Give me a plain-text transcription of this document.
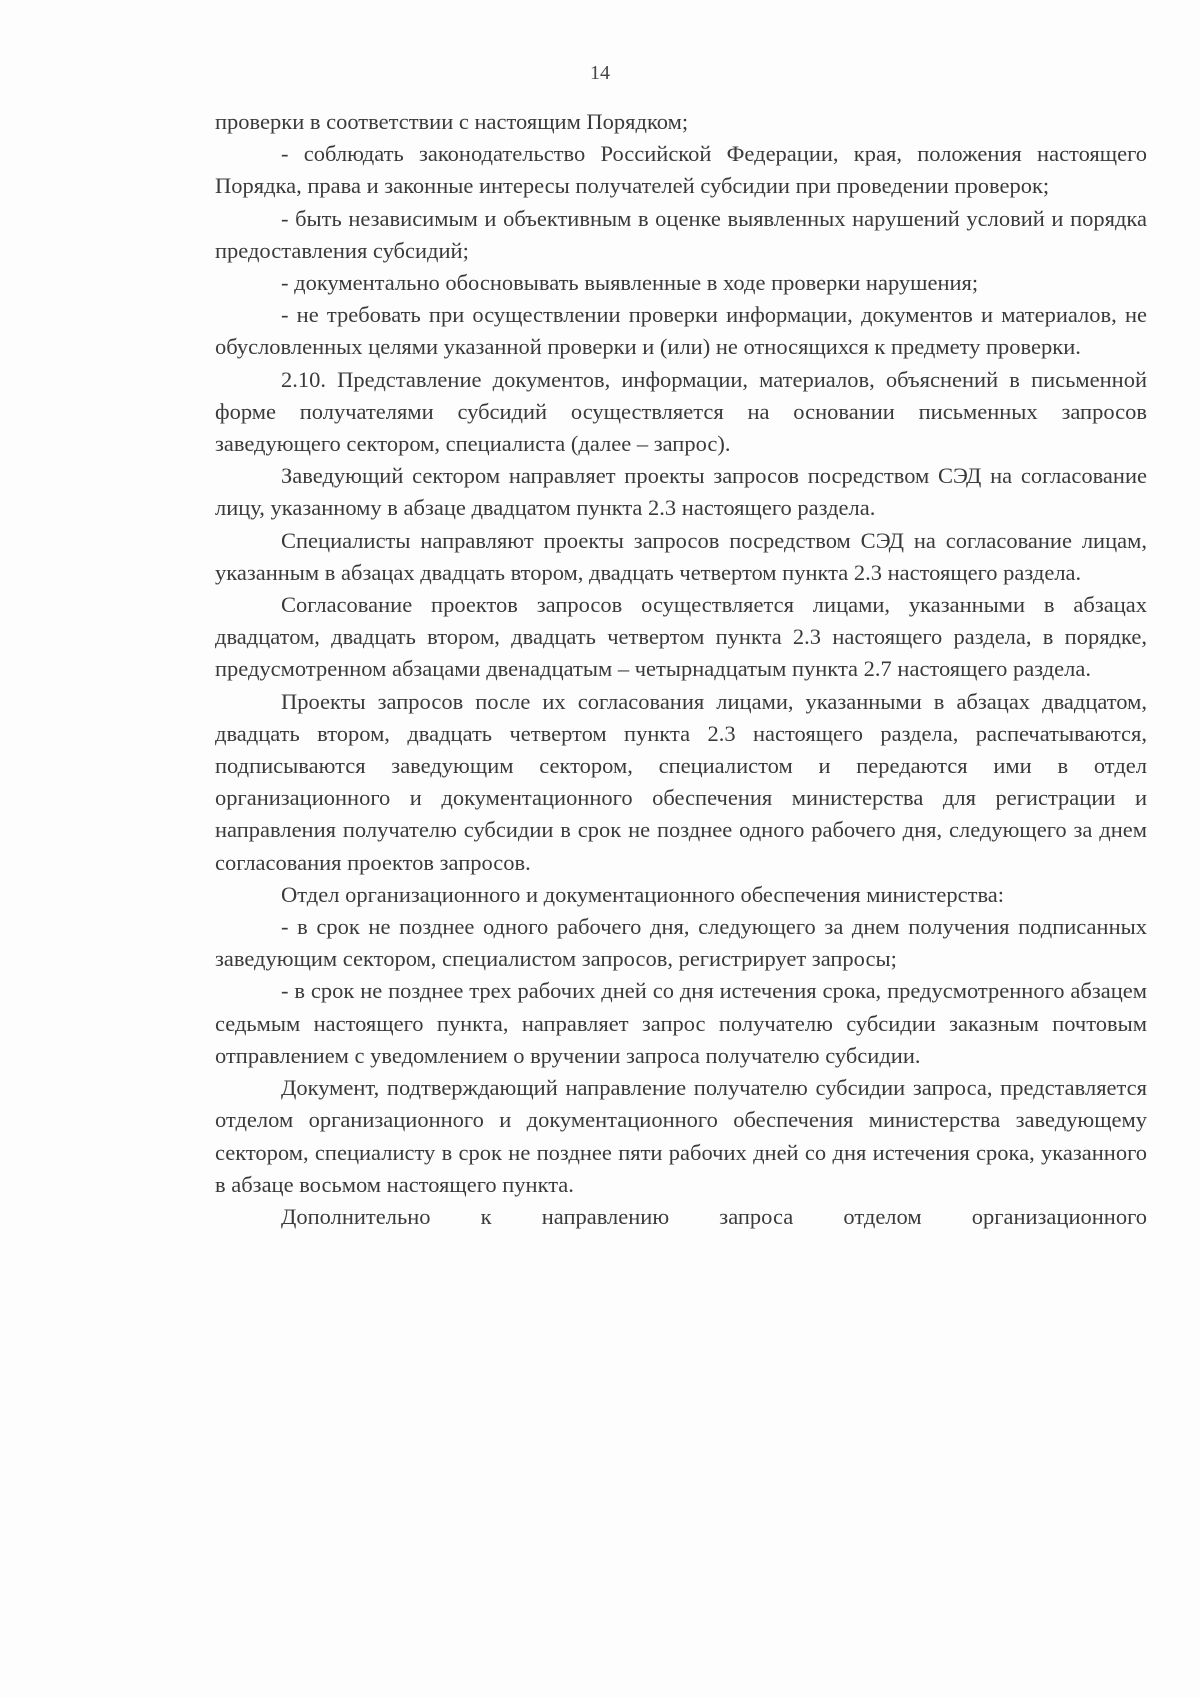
14

проверки в соответствии с настоящим Порядком;

- соблюдать законодательство Российской Федерации, края, положения настоящего Порядка, права и законные интересы получателей субсидии при проведении проверок;

- быть независимым и объективным в оценке выявленных нарушений условий и порядка предоставления субсидий;

- документально обосновывать выявленные в ходе проверки нарушения;

- не требовать при осуществлении проверки информации, документов и материалов, не обусловленных целями указанной проверки и (или) не относящихся к предмету проверки.

2.10. Представление документов, информации, материалов, объяснений в письменной форме получателями субсидий осуществляется на основании письменных запросов заведующего сектором, специалиста (далее – запрос).

Заведующий сектором направляет проекты запросов посредством СЭД на согласование лицу, указанному в абзаце двадцатом пункта 2.3 настоящего раздела.

Специалисты направляют проекты запросов посредством СЭД на согласование лицам, указанным в абзацах двадцать втором, двадцать четвертом пункта 2.3 настоящего раздела.

Согласование проектов запросов осуществляется лицами, указанными в абзацах двадцатом, двадцать втором, двадцать четвертом пункта 2.3 настоящего раздела, в порядке, предусмотренном абзацами двенадцатым – четырнадцатым пункта 2.7 настоящего раздела.

Проекты запросов после их согласования лицами, указанными в абзацах двадцатом, двадцать втором, двадцать четвертом пункта 2.3 настоящего раздела, распечатываются, подписываются заведующим сектором, специалистом и передаются ими в отдел организационного и документационного обеспечения министерства для регистрации и направления получателю субсидии в срок не позднее одного рабочего дня, следующего за днем согласования проектов запросов.

Отдел организационного и документационного обеспечения министерства:

- в срок не позднее одного рабочего дня, следующего за днем получения подписанных заведующим сектором, специалистом запросов, регистрирует запросы;

- в срок не позднее трех рабочих дней со дня истечения срока, предусмотренного абзацем седьмым настоящего пункта, направляет запрос получателю субсидии заказным почтовым отправлением с уведомлением о вручении запроса получателю субсидии.

Документ, подтверждающий направление получателю субсидии запроса, представляется отделом организационного и документационного обеспечения министерства заведующему сектором, специалисту в срок не позднее пяти рабочих дней со дня истечения срока, указанного в абзаце восьмом настоящего пункта.

Дополнительно к направлению запроса отделом организационного
